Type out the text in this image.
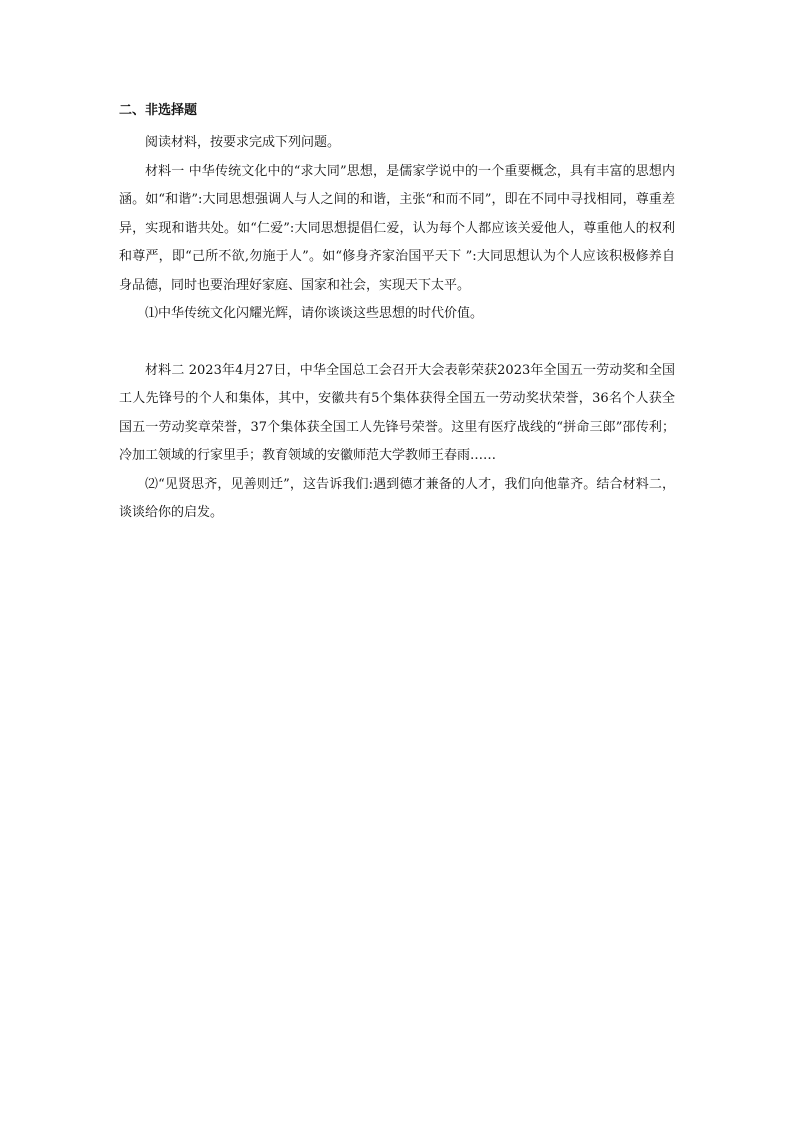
二、非选择题

阅读材料，按要求完成下列问题。

材料一 中华传统文化中的“求大同”思想，是儒家学说中的一个重要概念，具有丰富的思想内涵。如“和谐”:大同思想强调人与人之间的和谐，主张“和而不同”，即在不同中寻找相同，尊重差异，实现和谐共处。如“仁爱”:大同思想提倡仁爱，认为每个人都应该关爱他人，尊重他人的权利和尊严，即“己所不欲,勿施于人”。如“修身齐家治国平天下 ”:大同思想认为个人应该积极修养自身品德，同时也要治理好家庭、国家和社会，实现天下太平。

⑴中华传统文化闪耀光辉，请你谈谈这些思想的时代价值。

材料二 2023年4月27日，中华全国总工会召开大会表彰荣获2023年全国五一劳动奖和全国工人先锋号的个人和集体，其中，安徽共有5个集体获得全国五一劳动奖状荣誉，36名个人获全国五一劳动奖章荣誉，37个集体获全国工人先锋号荣誉。这里有医疗战线的“拼命三郎”邵传利；冷加工领域的行家里手；教育领域的安徽师范大学教师王春雨……

⑵“见贤思齐，见善则迁”，这告诉我们:遇到德才兼备的人才，我们向他靠齐。结合材料二，谈谈给你的启发。
